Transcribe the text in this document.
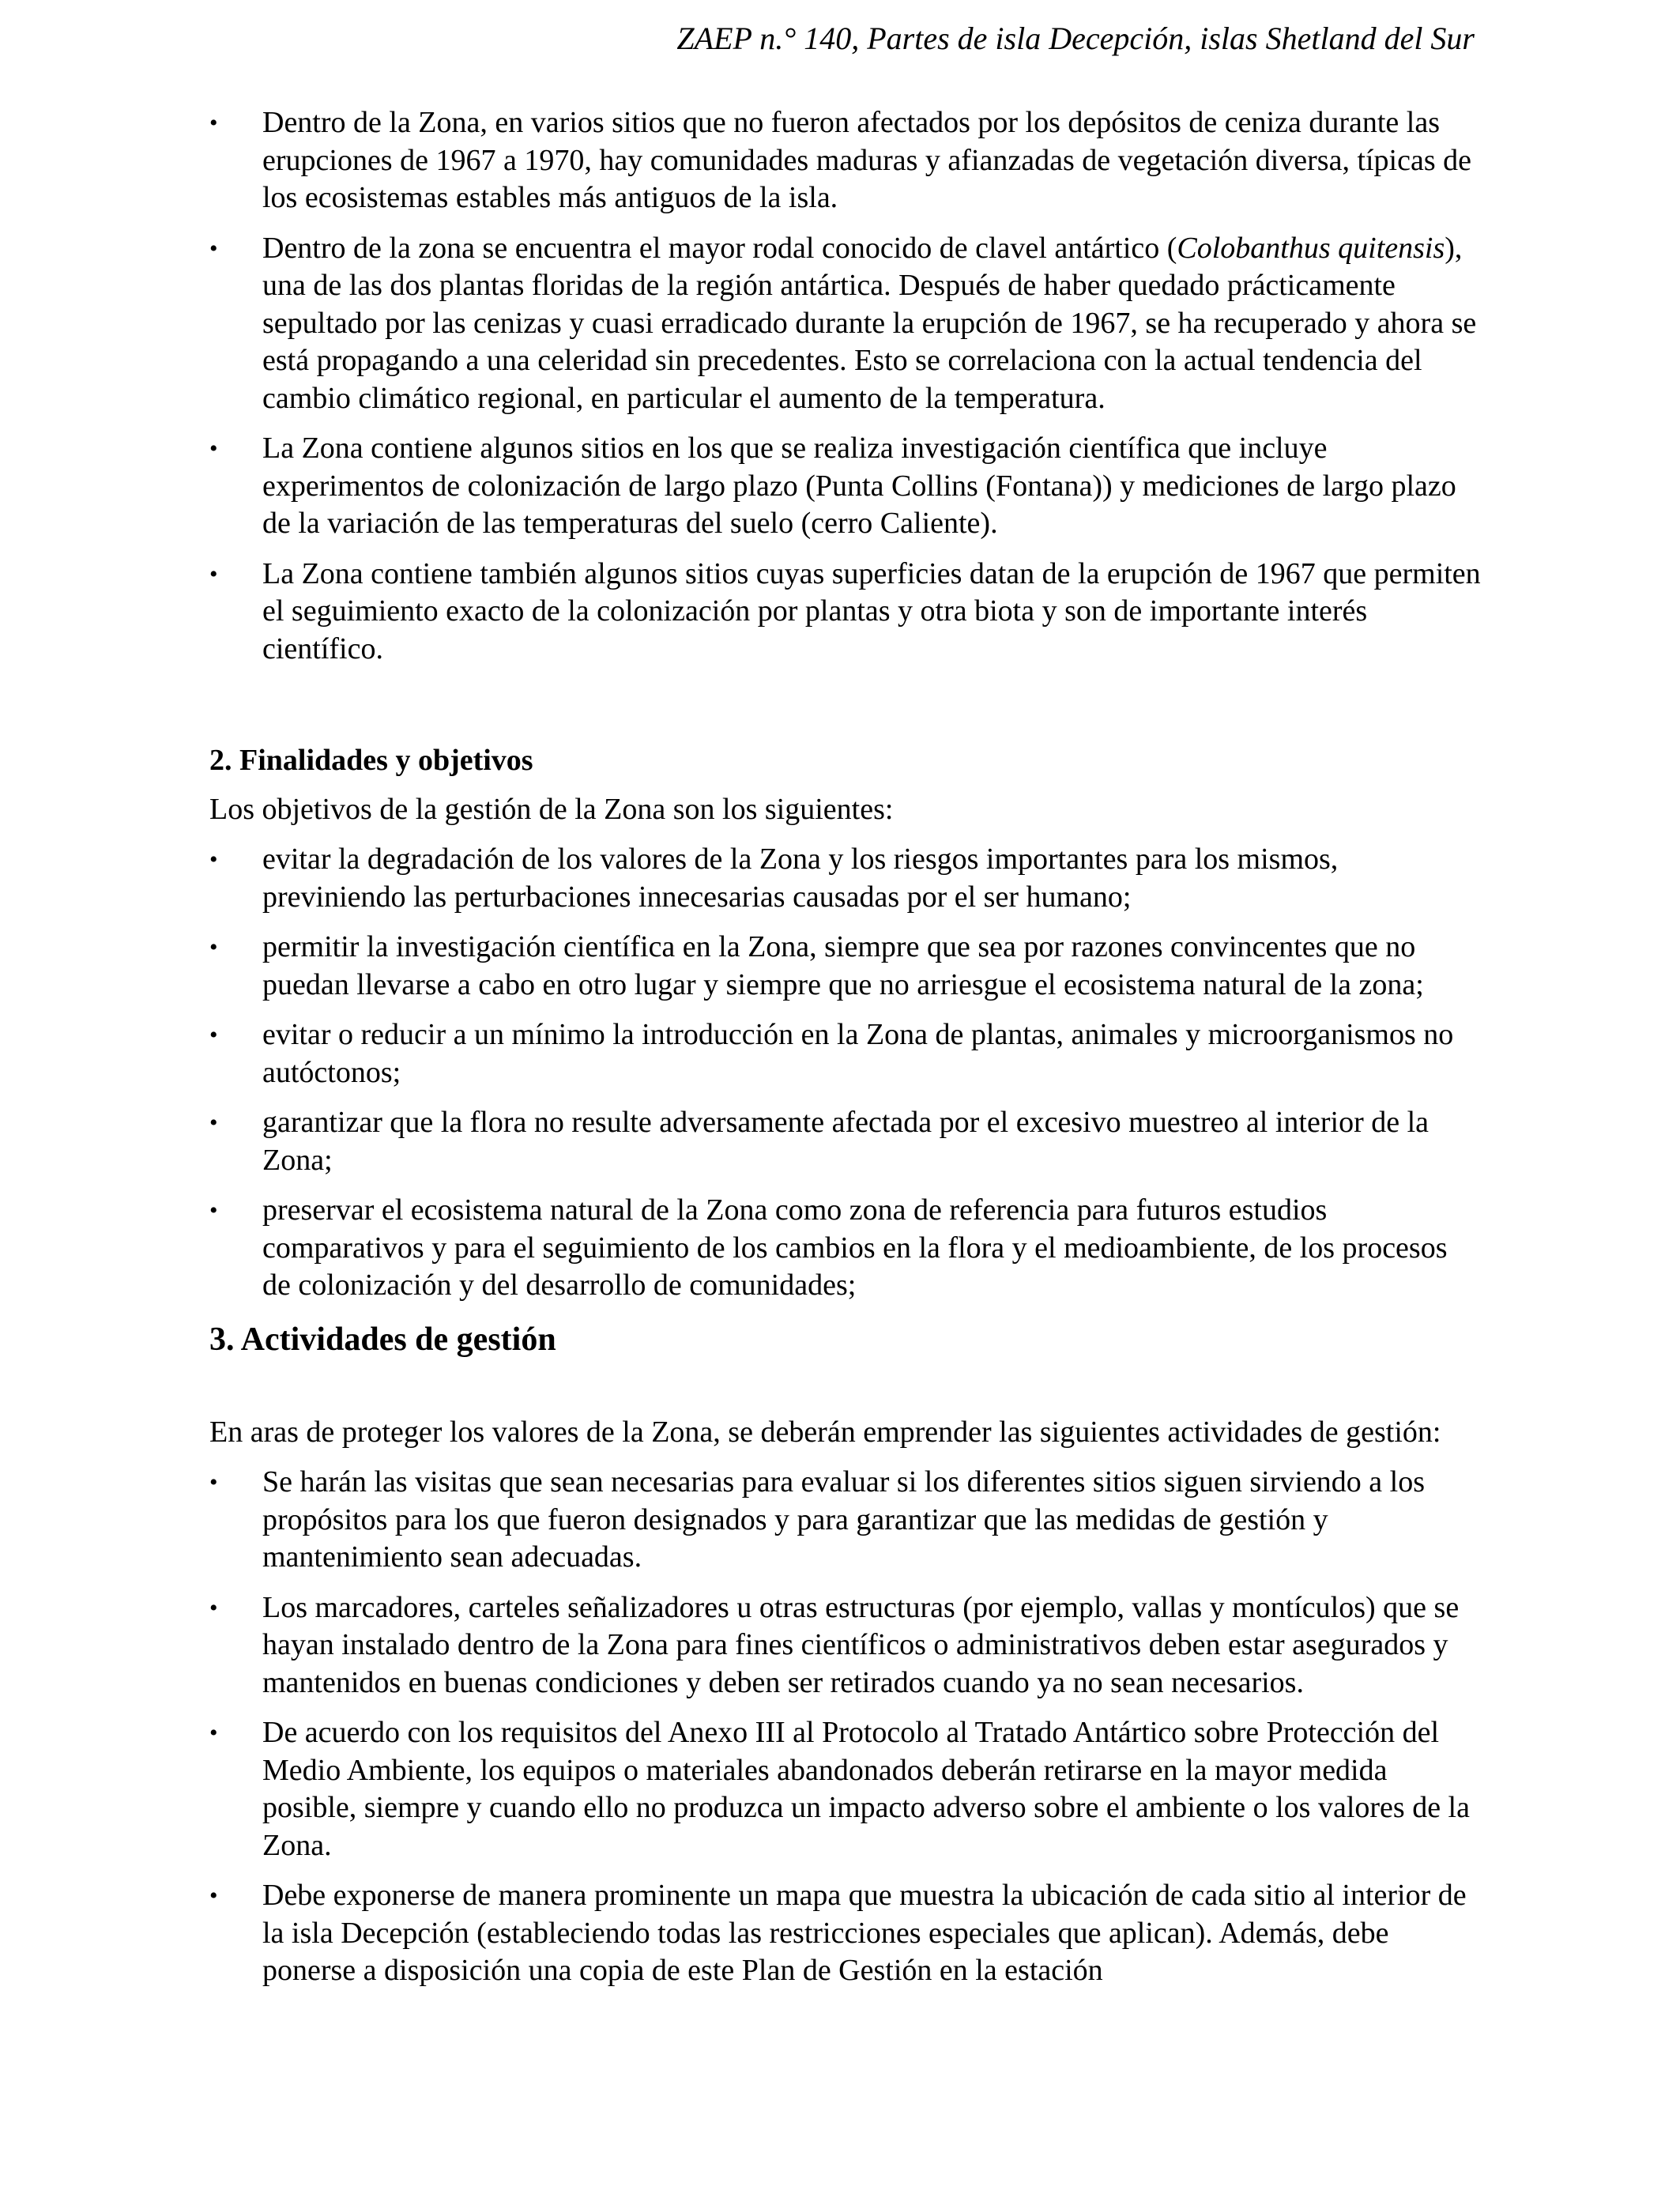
ZAEP n.° 140, Partes de isla Decepción, islas Shetland del Sur
• Dentro de la Zona, en varios sitios que no fueron afectados por los depósitos de ceniza durante las erupciones de 1967 a 1970, hay comunidades maduras y afianzadas de vegetación diversa, típicas de los ecosistemas estables más antiguos de la isla.
• Dentro de la zona se encuentra el mayor rodal conocido de clavel antártico (Colobanthus quitensis), una de las dos plantas floridas de la región antártica. Después de haber quedado prácticamente sepultado por las cenizas y cuasi erradicado durante la erupción de 1967, se ha recuperado y ahora se está propagando a una celeridad sin precedentes. Esto se correlaciona con la actual tendencia del cambio climático regional, en particular el aumento de la temperatura.
• La Zona contiene algunos sitios en los que se realiza investigación científica que incluye experimentos de colonización de largo plazo (Punta Collins (Fontana)) y mediciones de largo plazo de la variación de las temperaturas del suelo (cerro Caliente).
• La Zona contiene también algunos sitios cuyas superficies datan de la erupción de 1967 que permiten el seguimiento exacto de la colonización por plantas y otra biota y son de importante interés científico.
2. Finalidades y objetivos

Los objetivos de la gestión de la Zona son los siguientes:

• evitar la degradación de los valores de la Zona y los riesgos importantes para los mismos, previniendo las perturbaciones innecesarias causadas por el ser humano;
• permitir la investigación científica en la Zona, siempre que sea por razones convincentes que no puedan llevarse a cabo en otro lugar y siempre que no arriesgue el ecosistema natural de la zona;
• evitar o reducir a un mínimo la introducción en la Zona de plantas, animales y microorganismos no autóctonos;
• garantizar que la flora no resulte adversamente afectada por el excesivo muestreo al interior de la Zona;
• preservar el ecosistema natural de la Zona como zona de referencia para futuros estudios comparativos y para el seguimiento de los cambios en la flora y el medioambiente, de los procesos de colonización y del desarrollo de comunidades;
3. Actividades de gestión

En aras de proteger los valores de la Zona, se deberán emprender las siguientes actividades de gestión:

• Se harán las visitas que sean necesarias para evaluar si los diferentes sitios siguen sirviendo a los propósitos para los que fueron designados y para garantizar que las medidas de gestión y mantenimiento sean adecuadas.
• Los marcadores, carteles señalizadores u otras estructuras (por ejemplo, vallas y montículos) que se hayan instalado dentro de la Zona para fines científicos o administrativos deben estar asegurados y mantenidos en buenas condiciones y deben ser retirados cuando ya no sean necesarios.
• De acuerdo con los requisitos del Anexo III al Protocolo al Tratado Antártico sobre Protección del Medio Ambiente, los equipos o materiales abandonados deberán retirarse en la mayor medida posible, siempre y cuando ello no produzca un impacto adverso sobre el ambiente o los valores de la Zona.
• Debe exponerse de manera prominente un mapa que muestra la ubicación de cada sitio al interior de la isla Decepción (estableciendo todas las restricciones especiales que aplican). Además, debe ponerse a disposición una copia de este Plan de Gestión en la estación
